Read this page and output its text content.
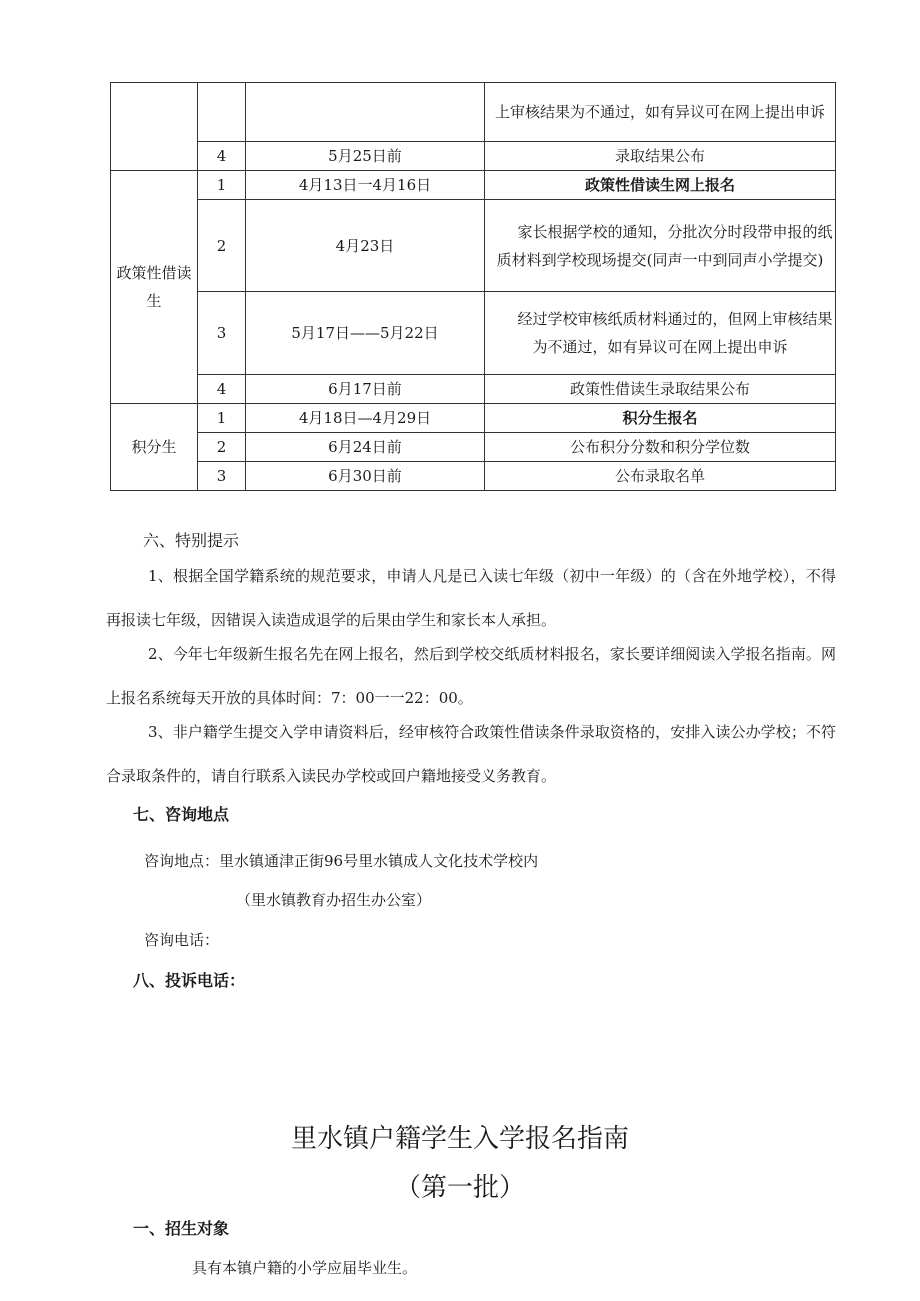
			上审核结果为不通过，如有异议可在网上提出申诉
	4	5月25日前	录取结果公布
政策性借读生	1	4月13日一4月16日	政策性借读生网上报名
	2	4月23日	家长根据学校的通知，分批次分时段带申报的纸质材料到学校现场提交(同声一中到同声小学提交)
	3	5月17日——5月22日	经过学校审核纸质材料通过的，但网上审核结果为不通过，如有异议可在网上提出申诉
	4	6月17日前	政策性借读生录取结果公布
积分生	1	4月18日—4月29日	积分生报名
	2	6月24日前	公布积分分数和积分学位数
	3	6月30日前	公布录取名单
六、特别提示
1、根据全国学籍系统的规范要求，申请人凡是已入读七年级（初中一年级）的（含在外地学校），不得再报读七年级，因错误入读造成退学的后果由学生和家长本人承担。
2、今年七年级新生报名先在网上报名，然后到学校交纸质材料报名，家长要详细阅读入学报名指南。网上报名系统每天开放的具体时间：7：00一一22：00。
3、非户籍学生提交入学申请资料后，经审核符合政策性借读条件录取资格的，安排入读公办学校；不符合录取条件的，请自行联系入读民办学校或回户籍地接受义务教育。
七、咨询地点
咨询地点：里水镇通津正街96号里水镇成人文化技术学校内
（里水镇教育办招生办公室）
咨询电话：
八、投诉电话：
里水镇户籍学生入学报名指南
（第一批）
一、招生对象
具有本镇户籍的小学应届毕业生。
